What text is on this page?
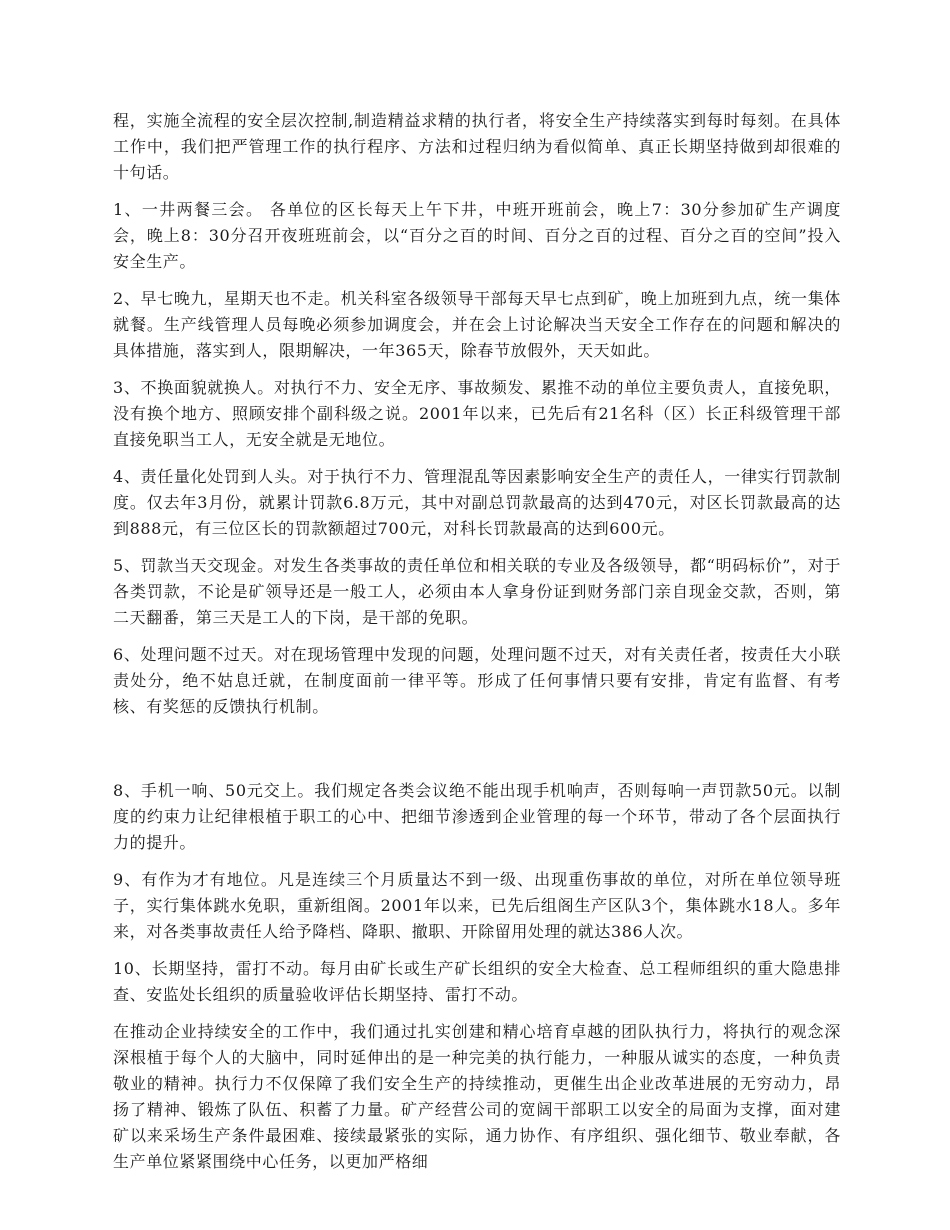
程，实施全流程的安全层次控制,制造精益求精的执行者，将安全生产持续落实到每时每刻。在具体工作中，我们把严管理工作的执行程序、方法和过程归纳为看似简单、真正长期坚持做到却很难的十句话。

1、一井两餐三会。 各单位的区长每天上午下井，中班开班前会，晚上7：30分参加矿生产调度会，晚上8：30分召开夜班班前会，以“百分之百的时间、百分之百的过程、百分之百的空间”投入安全生产。

2、早七晚九，星期天也不走。机关科室各级领导干部每天早七点到矿，晚上加班到九点，统一集体就餐。生产线管理人员每晚必须参加调度会，并在会上讨论解决当天安全工作存在的问题和解决的具体措施，落实到人，限期解决，一年365天，除春节放假外，天天如此。

3、不换面貌就换人。对执行不力、安全无序、事故频发、累推不动的单位主要负责人，直接免职，没有换个地方、照顾安排个副科级之说。2001年以来，已先后有21名科（区）长正科级管理干部直接免职当工人，无安全就是无地位。

4、责任量化处罚到人头。对于执行不力、管理混乱等因素影响安全生产的责任人，一律实行罚款制度。仅去年3月份，就累计罚款6.8万元，其中对副总罚款最高的达到470元，对区长罚款最高的达到888元，有三位区长的罚款额超过700元，对科长罚款最高的达到600元。

5、罚款当天交现金。对发生各类事故的责任单位和相关联的专业及各级领导，都“明码标价”，对于各类罚款，不论是矿领导还是一般工人，必须由本人拿身份证到财务部门亲自现金交款，否则，第二天翻番，第三天是工人的下岗，是干部的免职。

6、处理问题不过天。对在现场管理中发现的问题，处理问题不过天，对有关责任者，按责任大小联责处分，绝不姑息迁就，在制度面前一律平等。形成了任何事情只要有安排，肯定有监督、有考核、有奖惩的反馈执行机制。

8、手机一响、50元交上。我们规定各类会议绝不能出现手机响声，否则每响一声罚款50元。以制度的约束力让纪律根植于职工的心中、把细节渗透到企业管理的每一个环节，带动了各个层面执行力的提升。

9、有作为才有地位。凡是连续三个月质量达不到一级、出现重伤事故的单位，对所在单位领导班子，实行集体跳水免职，重新组阁。2001年以来，已先后组阁生产区队3个，集体跳水18人。多年来，对各类事故责任人给予降档、降职、撤职、开除留用处理的就达386人次。

10、长期坚持，雷打不动。每月由矿长或生产矿长组织的安全大检查、总工程师组织的重大隐患排查、安监处长组织的质量验收评估长期坚持、雷打不动。

在推动企业持续安全的工作中，我们通过扎实创建和精心培育卓越的团队执行力，将执行的观念深深根植于每个人的大脑中，同时延伸出的是一种完美的执行能力，一种服从诚实的态度，一种负责敬业的精神。执行力不仅保障了我们安全生产的持续推动，更催生出企业改革进展的无穷动力，昂扬了精神、锻炼了队伍、积蓄了力量。矿产经营公司的宽阔干部职工以安全的局面为支撑，面对建矿以来采场生产条件最困难、接续最紧张的实际，通力协作、有序组织、强化细节、敬业奉献，各生产单位紧紧围绕中心任务，以更加严格细
